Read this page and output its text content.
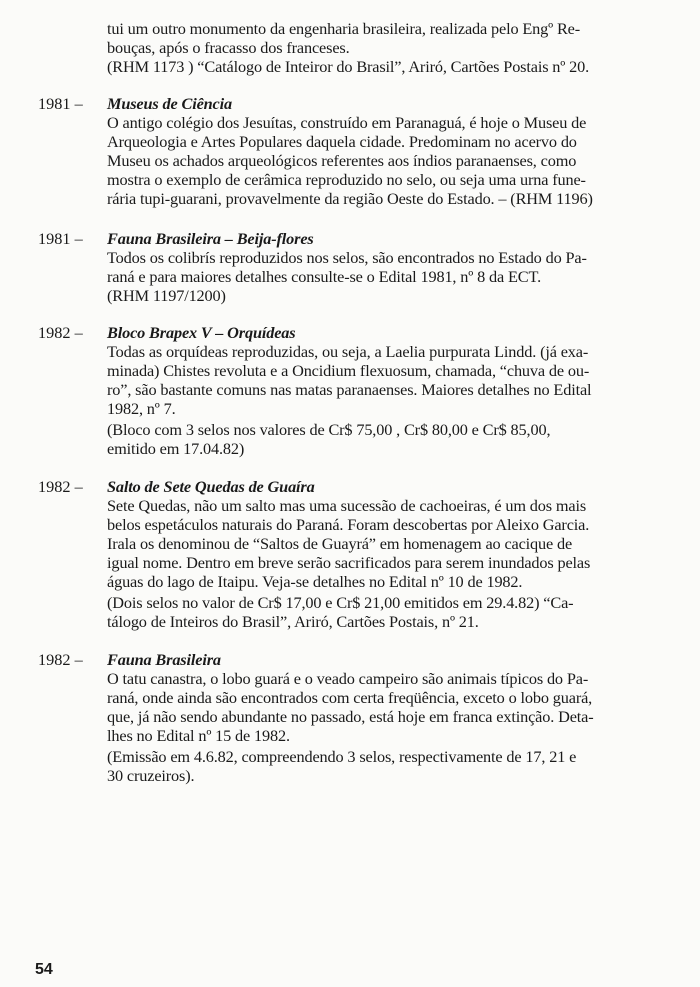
tui um outro monumento da engenharia brasileira, realizada pelo Engº Re-
bouças, após o fracasso dos franceses.
(RHM 1173 ) “Catálogo de Inteiror do Brasil”, Ariró, Cartões Postais nº 20.
1981 –	Museus de Ciência
O antigo colégio dos Jesuítas, construído em Paranaguá, é hoje o Museu de
Arqueologia e Artes Populares daquela cidade. Predominam no acervo do
Museu os achados arqueológicos referentes aos índios paranaenses, como
mostra o exemplo de cerâmica reproduzido no selo, ou seja uma urna fune-
rária tupi-guarani, provavelmente da região Oeste do Estado. – (RHM 1196)
1981 –	Fauna Brasileira – Beija-flores
Todos os colibrís reproduzidos nos selos, são encontrados no Estado do Pa-
raná e para maiores detalhes consulte-se o Edital 1981, nº 8 da ECT.
(RHM 1197/1200)
1982 –	Bloco Brapex V – Orquídeas
Todas as orquídeas reproduzidas, ou seja, a Laelia purpurata Lindd. (já exa-
minada) Chistes revoluta e a Oncidium flexuosum, chamada, “chuva de ou-
ro”, são bastante comuns nas matas paranaenses. Maiores detalhes no Edital
1982, nº 7.
(Bloco com 3 selos nos valores de Cr$ 75,00 , Cr$ 80,00 e Cr$ 85,00,
emitido em 17.04.82)
1982 –	Salto de Sete Quedas de Guaíra
Sete Quedas, não um salto mas uma sucessão de cachoeiras, é um dos mais
belos espetáculos naturais do Paraná. Foram descobertas por Aleixo Garcia.
Irala os denominou de “Saltos de Guayrá” em homenagem ao cacique de
igual nome. Dentro em breve serão sacrificados para serem inundados pelas
águas do lago de Itaipu. Veja-se detalhes no Edital nº 10 de 1982.
(Dois selos no valor de Cr$ 17,00 e Cr$ 21,00 emitidos em 29.4.82) “Ca-
tálogo de Inteiros do Brasil”, Ariró, Cartões Postais, nº 21.
1982 –	Fauna Brasileira
O tatu canastra, o lobo guará e o veado campeiro são animais típicos do Pa-
raná, onde ainda são encontrados com certa freqüência, exceto o lobo guará,
que, já não sendo abundante no passado, está hoje em franca extinção. Deta-
lhes no Edital nº 15 de 1982.
(Emissão em 4.6.82, compreendendo 3 selos, respectivamente de 17, 21 e
30 cruzeiros).
54
